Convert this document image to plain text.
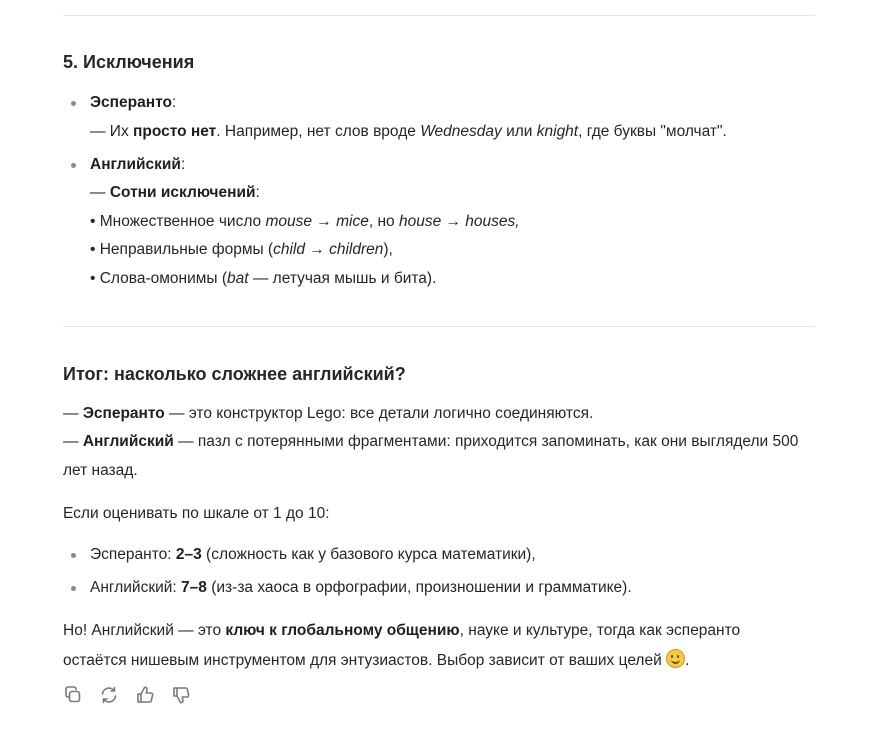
5. Исключения
Эсперанто:
— Их просто нет. Например, нет слов вроде Wednesday или knight, где буквы "молчат".
Английский:
— Сотни исключений:
• Множественное число mouse → mice, но house → houses,
• Неправильные формы (child → children),
• Слова-омонимы (bat — летучая мышь и бита).
Итог: насколько сложнее английский?
— Эсперанто — это конструктор Lego: все детали логично соединяются.
— Английский — пазл с потерянными фрагментами: приходится запоминать, как они выглядели 500
лет назад.
Если оценивать по шкале от 1 до 10:
Эсперанто: 2–3 (сложность как у базового курса математики),
Английский: 7–8 (из-за хаоса в орфографии, произношении и грамматике).
Но! Английский — это ключ к глобальному общению, науке и культуре, тогда как эсперанто
остаётся нишевым инструментом для энтузиастов. Выбор зависит от ваших целей .
